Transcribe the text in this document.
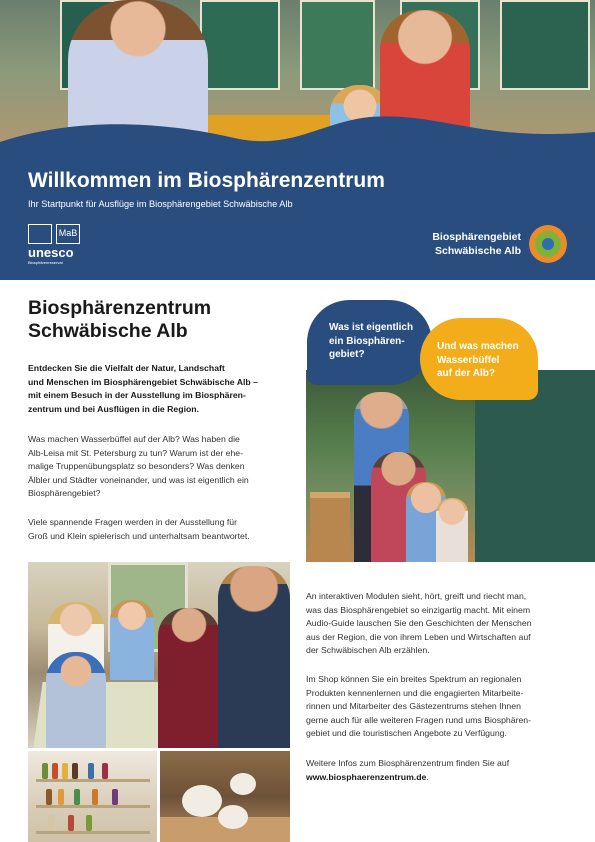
Willkommen im Biosphärenzentrum
Ihr Startpunkt für Ausflüge im Biosphärengebiet Schwäbische Alb
MaB
unesco
Biosphärenreservat
Biosphärengebiet
Schwäbische Alb
Biosphärenzentrum
Schwäbische Alb
Entdecken Sie die Vielfalt der Natur, Landschaft
und Menschen im Biosphärengebiet Schwäbische Alb –
mit einem Besuch in der Ausstellung im Biosphären-
zentrum und bei Ausflügen in die Region.
Was machen Wasserbüffel auf der Alb? Was haben die
Alb-Leisa mit St. Petersburg zu tun? Warum ist der ehe-
malige Truppenübungsplatz so besonders? Was denken
Älbler und Städter voneinander, und was ist eigentlich ein
Biosphärengebiet?
Viele spannende Fragen werden in der Ausstellung für
Groß und Klein spielerisch und unterhaltsam beantwortet.
Was ist eigentlich
ein Biosphären-
gebiet?
Und was machen
Wasserbüffel
auf der Alb?
An interaktiven Modulen sieht, hört, greift und riecht man,
was das Biosphärengebiet so einzigartig macht. Mit einem
Audio-Guide lauschen Sie den Geschichten der Menschen
aus der Region, die von ihrem Leben und Wirtschaften auf
der Schwäbischen Alb erzählen.
Im Shop können Sie ein breites Spektrum an regionalen
Produkten kennenlernen und die engagierten Mitarbeite-
rinnen und Mitarbeiter des Gästezentrums stehen Ihnen
gerne auch für alle weiteren Fragen rund ums Biosphären-
gebiet und die touristischen Angebote zu Verfügung.
Weitere Infos zum Biosphärenzentrum finden Sie auf
www.biosphaerenzentrum.de.
